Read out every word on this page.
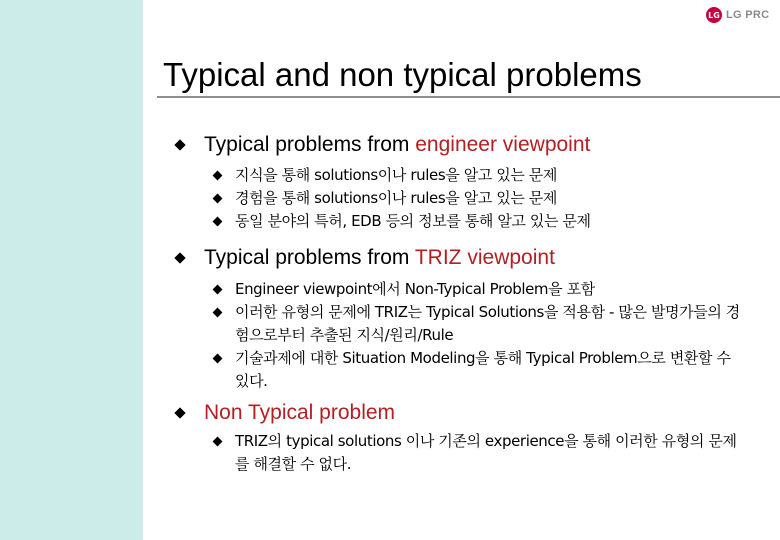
LG LG PRC
Typical and non typical problems
Typical problems from engineer viewpoint
지식을 통해 solutions이나 rules을 알고 있는 문제
경험을 통해 solutions이나 rules을 알고 있는 문제
동일 분야의 특허, EDB 등의 정보를 통해 알고 있는 문제
Typical problems from TRIZ viewpoint
Engineer viewpoint에서 Non-Typical Problem을 포함
이러한 유형의 문제에 TRIZ는 Typical Solutions을 적용함 - 많은 발명가들의 경험으로부터 추출된 지식/원리/Rule
기술과제에 대한 Situation Modeling을 통해 Typical Problem으로 변환할 수 있다.
Non Typical problem
TRIZ의 typical solutions 이나 기존의 experience을 통해 이러한 유형의 문제를 해결할 수 없다.
